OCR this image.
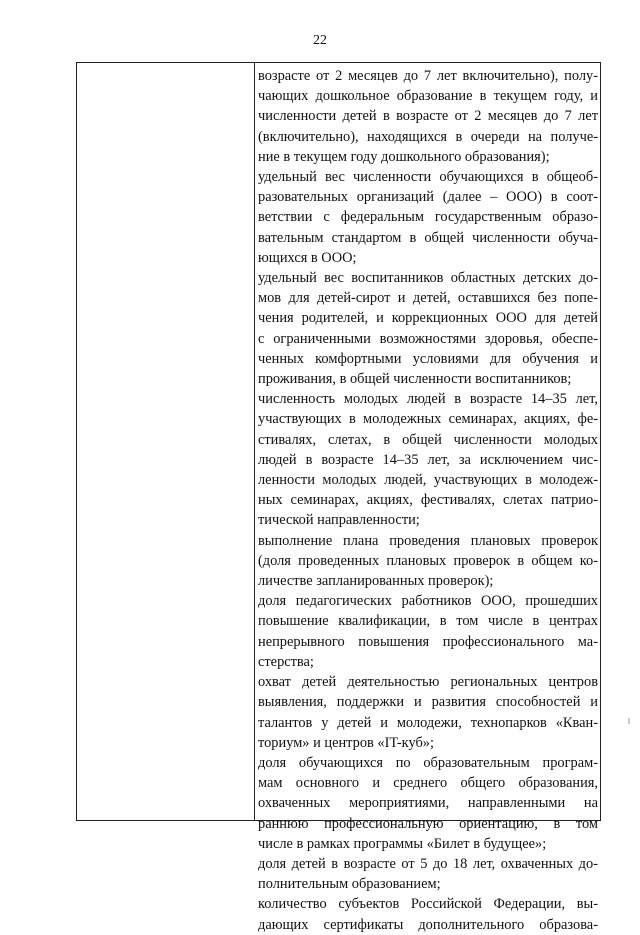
22
возрасте от 2 месяцев до 7 лет включительно), полу-
чающих дошкольное образование в текущем году, и
численности детей в возрасте от 2 месяцев до 7 лет
(включительно), находящихся в очереди на получе-
ние в текущем году дошкольного образования);
удельный вес численности обучающихся в общеоб-
разовательных организаций (далее – ООО) в соот-
ветствии с федеральным государственным образо-
вательным стандартом в общей численности обуча-
ющихся в ООО;
удельный вес воспитанников областных детских до-
мов для детей-сирот и детей, оставшихся без попе-
чения родителей, и коррекционных ООО для детей
с ограниченными возможностями здоровья, обеспе-
ченных комфортными условиями для обучения и
проживания, в общей численности воспитанников;
численность молодых людей в возрасте 14–35 лет,
участвующих в молодежных семинарах, акциях, фе-
стивалях, слетах, в общей численности молодых
людей в возрасте 14–35 лет, за исключением чис-
ленности молодых людей, участвующих в молодеж-
ных семинарах, акциях, фестивалях, слетах патрио-
тической направленности;
выполнение плана проведения плановых проверок
(доля проведенных плановых проверок в общем ко-
личестве запланированных проверок);
доля педагогических работников ООО, прошедших
повышение квалификации, в том числе в центрах
непрерывного повышения профессионального ма-
стерства;
охват детей деятельностью региональных центров
выявления, поддержки и развития способностей и
талантов у детей и молодежи, технопарков «Кван-
ториум» и центров «IT-куб»;
доля обучающихся по образовательным програм-
мам основного и среднего общего образования,
охваченных мероприятиями, направленными на
раннюю профессиональную ориентацию, в том
числе в рамках программы «Билет в будущее»;
доля детей в возрасте от 5 до 18 лет, охваченных до-
полнительным образованием;
количество субъектов Российской Федерации, вы-
дающих сертификаты дополнительного образова-
